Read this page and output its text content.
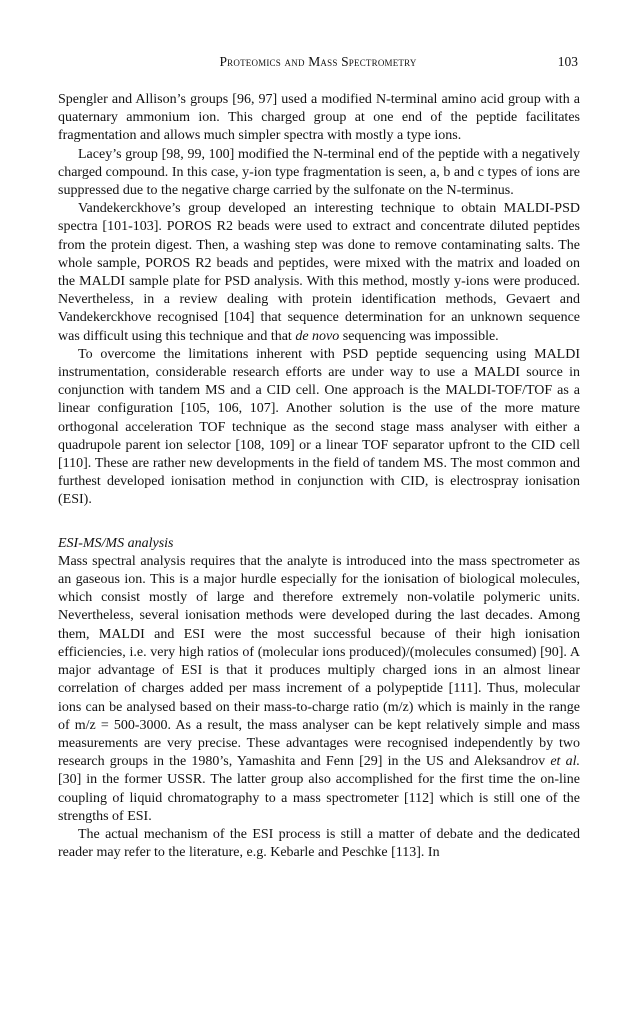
Proteomics and Mass Spectrometry	103

Spengler and Allison’s groups [96, 97] used a modified N-terminal amino acid group with a quaternary ammonium ion. This charged group at one end of the peptide facilitates fragmentation and allows much simpler spectra with mostly a type ions.

Lacey’s group [98, 99, 100] modified the N-terminal end of the peptide with a negatively charged compound. In this case, y-ion type fragmentation is seen, a, b and c types of ions are suppressed due to the negative charge carried by the sulfonate on the N-terminus.

Vandekerckhove’s group developed an interesting technique to obtain MALDI-PSD spectra [101-103]. POROS R2 beads were used to extract and concentrate diluted peptides from the protein digest. Then, a washing step was done to remove contaminating salts. The whole sample, POROS R2 beads and peptides, were mixed with the matrix and loaded on the MALDI sample plate for PSD analysis. With this method, mostly y-ions were produced. Nevertheless, in a review dealing with protein identification methods, Gevaert and Vandekerckhove recognised [104] that sequence determination for an unknown sequence was difficult using this technique and that de novo sequencing was impossible.

To overcome the limitations inherent with PSD peptide sequencing using MALDI instrumentation, considerable research efforts are under way to use a MALDI source in conjunction with tandem MS and a CID cell. One approach is the MALDI-TOF/TOF as a linear configuration [105, 106, 107]. Another solution is the use of the more mature orthogonal acceleration TOF technique as the second stage mass analyser with either a quadrupole parent ion selector [108, 109] or a linear TOF separator upfront to the CID cell [110]. These are rather new developments in the field of tandem MS. The most common and furthest developed ionisation method in conjunction with CID, is electrospray ionisation (ESI).

ESI-MS/MS analysis

Mass spectral analysis requires that the analyte is introduced into the mass spectrometer as an gaseous ion. This is a major hurdle especially for the ionisation of biological molecules, which consist mostly of large and therefore extremely non-volatile polymeric units. Nevertheless, several ionisation methods were developed during the last decades. Among them, MALDI and ESI were the most successful because of their high ionisation efficiencies, i.e. very high ratios of (molecular ions produced)/(molecules consumed) [90]. A major advantage of ESI is that it produces multiply charged ions in an almost linear correlation of charges added per mass increment of a polypeptide [111]. Thus, molecular ions can be analysed based on their mass-to-charge ratio (m/z) which is mainly in the range of m/z = 500-3000. As a result, the mass analyser can be kept relatively simple and mass measurements are very precise. These advantages were recognised independently by two research groups in the 1980’s, Yamashita and Fenn [29] in the US and Aleksandrov et al. [30] in the former USSR. The latter group also accomplished for the first time the on-line coupling of liquid chromatography to a mass spectrometer [112] which is still one of the strengths of ESI.

The actual mechanism of the ESI process is still a matter of debate and the dedicated reader may refer to the literature, e.g. Kebarle and Peschke [113]. In
